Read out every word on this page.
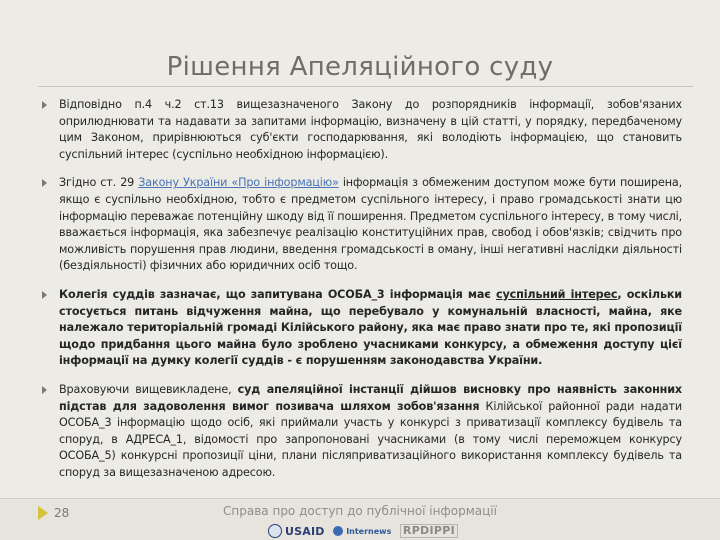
Рішення Апеляційного суду
Відповідно п.4 ч.2 ст.13 вищезазначеного Закону до розпорядників інформації, зобов'язаних оприлюднювати та надавати за запитами інформацію, визначену в цій статті, у порядку, передбаченому цим Законом, прирівнюються суб'єкти господарювання, які володіють інформацією, що становить суспільний інтерес (суспільно необхідною інформацією).
Згідно ст. 29 Закону України «Про інформацію» інформація з обмеженим доступом може бути поширена, якщо є суспільно необхідною, тобто є предметом суспільного інтересу, і право громадськості знати цю інформацію переважає потенційну шкоду від її поширення. Предметом суспільного інтересу, в тому числі, вважається інформація, яка забезпечує реалізацію конституційних прав, свобод і обов'язків; свідчить про можливість порушення прав людини, введення громадськості в оману, інші негативні наслідки діяльності (бездіяльності) фізичних або юридичних осіб тощо.
Колегія суддів зазначає, що запитувана ОСОБА_3 інформація має суспільний інтерес, оскільки стосується питань відчуження майна, що перебувало у комунальній власності, майна, яке належало територіальній громаді Кілійського району, яка має право знати про те, які пропозиції щодо придбання цього майна було зроблено учасниками конкурсу, а обмеження доступу цієї інформації на думку колегії суддів - є порушенням законодавства України.
Враховуючи вищевикладене, суд апеляційної інстанції дійшов висновку про наявність законних підстав для задоволення вимог позивача шляхом зобов'язання Кілійської районної ради надати ОСОБА_3 інформацію щодо осіб, які приймали участь у конкурсі з приватизації комплексу будівель та споруд, в АДРЕСА_1, відомості про запропоновані учасниками (в тому числі переможцем конкурсу ОСОБА_5) конкурсні пропозиції ціни, плани післяприватизаційного використання комплексу будівель та споруд за вищезазначеною адресою.
28	Справа про доступ до публічної інформації
USAID	Internews RPDIPPI
